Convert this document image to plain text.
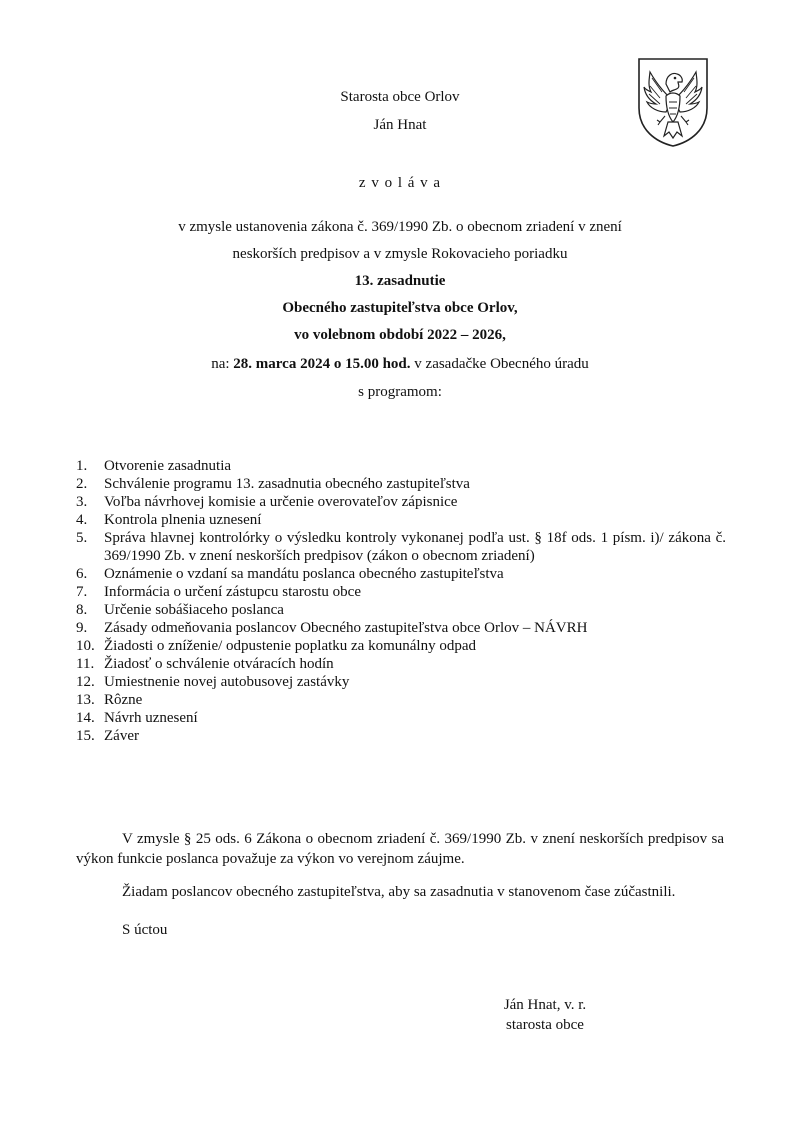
Starosta obce Orlov
Ján Hnat
z v o l á v a
v zmysle ustanovenia zákona č. 369/1990 Zb. o obecnom zriadení v znení
neskorších predpisov a v zmysle Rokovacieho poriadku
13. zasadnutie
Obecného zastupiteľstva obce Orlov,
vo volebnom období 2022 – 2026,
na: 28. marca 2024 o 15.00 hod. v zasadačke Obecného úradu
s programom:
1. Otvorenie zasadnutia
2. Schválenie programu 13. zasadnutia obecného zastupiteľstva
3. Voľba návrhovej komisie a určenie overovateľov zápisnice
4. Kontrola plnenia uznesení
5. Správa hlavnej kontrolórky o výsledku kontroly vykonanej podľa ust. § 18f ods. 1 písm. i)/ zákona č. 369/1990 Zb. v znení neskorších predpisov (zákon o obecnom zriadení)
6. Oznámenie o vzdaní sa mandátu poslanca obecného zastupiteľstva
7. Informácia o určení zástupcu starostu obce
8. Určenie sobášiaceho poslanca
9. Zásady odmeňovania poslancov Obecného zastupiteľstva obce Orlov – NÁVRH
10. Žiadosti o zníženie/ odpustenie poplatku za komunálny odpad
11. Žiadosť o schválenie otváracích hodín
12. Umiestnenie novej autobusovej zastávky
13. Rôzne
14. Návrh uznesení
15. Záver
V zmysle § 25 ods. 6 Zákona o obecnom zriadení č. 369/1990 Zb. v znení neskorších predpisov sa výkon funkcie poslanca považuje za výkon vo verejnom záujme.
Žiadam poslancov obecného zastupiteľstva, aby sa zasadnutia v stanovenom čase zúčastnili.
S úctou
Ján Hnat, v. r.
starosta obce
